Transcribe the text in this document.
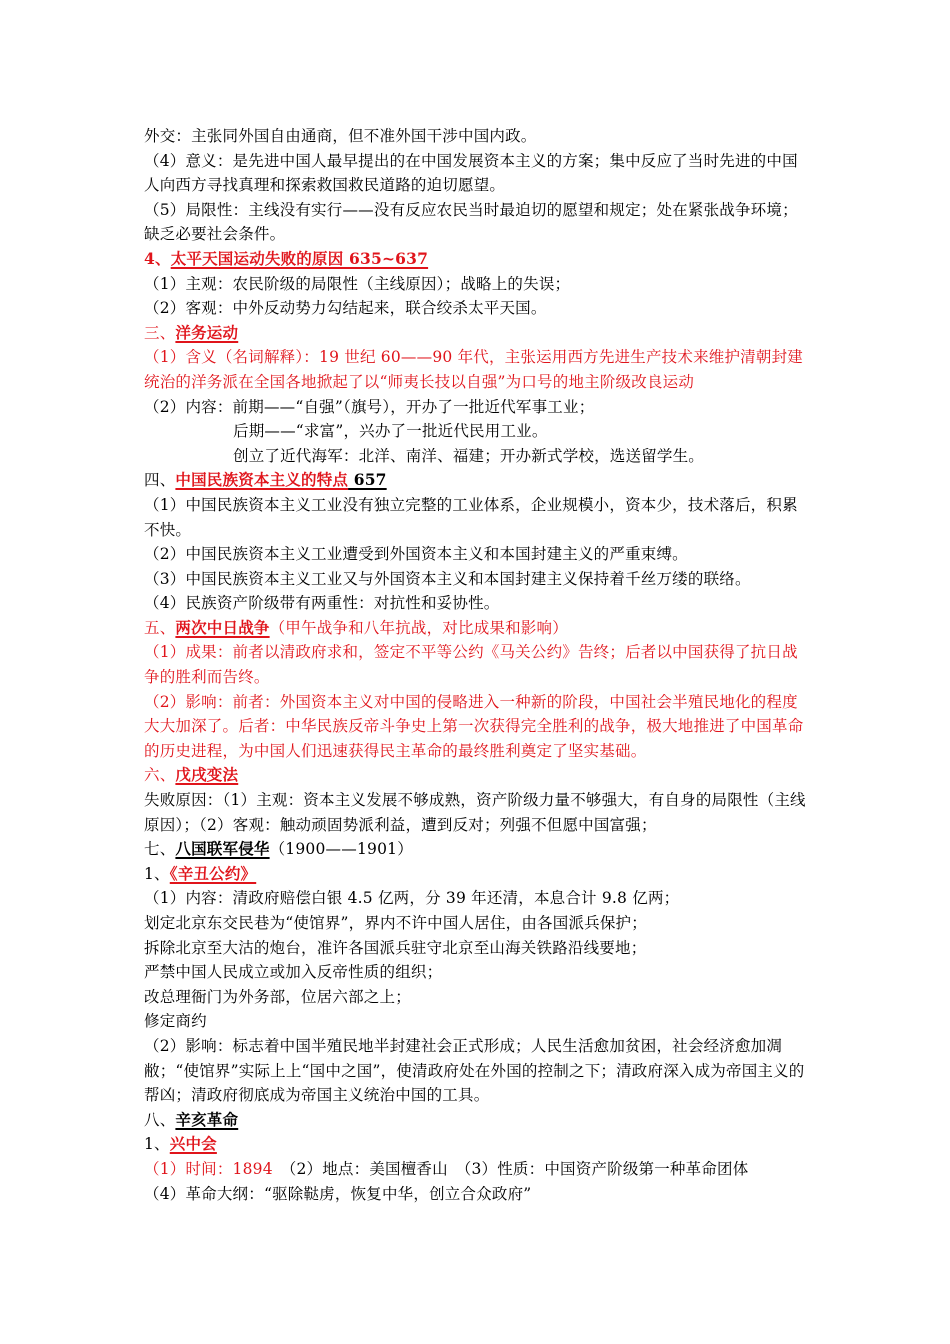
外交：主张同外国自由通商，但不准外国干涉中国内政。

（4）意义：是先进中国人最早提出的在中国发展资本主义的方案；集中反应了当时先进的中国人向西方寻找真理和探索救国救民道路的迫切愿望。

（5）局限性：主线没有实行——没有反应农民当时最迫切的愿望和规定；处在紧张战争环境；缺乏必要社会条件。

4、太平天国运动失败的原因 635~637

（1）主观：农民阶级的局限性（主线原因）；战略上的失误；

（2）客观：中外反动势力勾结起来，联合绞杀太平天国。

三、洋务运动

（1）含义（名词解释）：19 世纪 60——90 年代，主张运用西方先进生产技术来维护清朝封建统治的洋务派在全国各地掀起了以“师夷长技以自强”为口号的地主阶级改良运动

（2）内容：前期——“自强”（旗号），开办了一批近代军事工业；

后期——“求富”，兴办了一批近代民用工业。

创立了近代海军：北洋、南洋、福建；开办新式学校，选送留学生。

四、中国民族资本主义的特点 657

（1）中国民族资本主义工业没有独立完整的工业体系，企业规模小，资本少，技术落后，积累不快。

（2）中国民族资本主义工业遭受到外国资本主义和本国封建主义的严重束缚。

（3）中国民族资本主义工业又与外国资本主义和本国封建主义保持着千丝万缕的联络。

（4）民族资产阶级带有两重性：对抗性和妥协性。

五、两次中日战争（甲午战争和八年抗战，对比成果和影响）

（1）成果：前者以清政府求和，签定不平等公约《马关公约》告终；后者以中国获得了抗日战争的胜利而告终。

（2）影响：前者：外国资本主义对中国的侵略进入一种新的阶段，中国社会半殖民地化的程度大大加深了。后者：中华民族反帝斗争史上第一次获得完全胜利的战争，极大地推进了中国革命的历史进程，为中国人们迅速获得民主革命的最终胜利奠定了坚实基础。

六、戊戌变法

失败原因：（1）主观：资本主义发展不够成熟，资产阶级力量不够强大，有自身的局限性（主线原因）；（2）客观：触动顽固势派利益，遭到反对；列强不但愿中国富强；

七、八国联军侵华（1900——1901）

1、《辛丑公约》

（1）内容：清政府赔偿白银 4.5 亿两，分 39 年还清，本息合计 9.8 亿两；

划定北京东交民巷为“使馆界”，界内不许中国人居住，由各国派兵保护；

拆除北京至大沽的炮台，准许各国派兵驻守北京至山海关铁路沿线要地；

严禁中国人民成立或加入反帝性质的组织；

改总理衙门为外务部，位居六部之上；

修定商约

（2）影响：标志着中国半殖民地半封建社会正式形成；人民生活愈加贫困，社会经济愈加凋敝；“使馆界”实际上上“国中之国”，使清政府处在外国的控制之下；清政府深入成为帝国主义的帮凶；清政府彻底成为帝国主义统治中国的工具。

八、辛亥革命

1、兴中会

（1）时间：1894　（2）地点：美国檀香山　（3）性质：中国资产阶级第一种革命团体

（4）革命大纲：“驱除鞑虏，恢复中华，创立合众政府”
